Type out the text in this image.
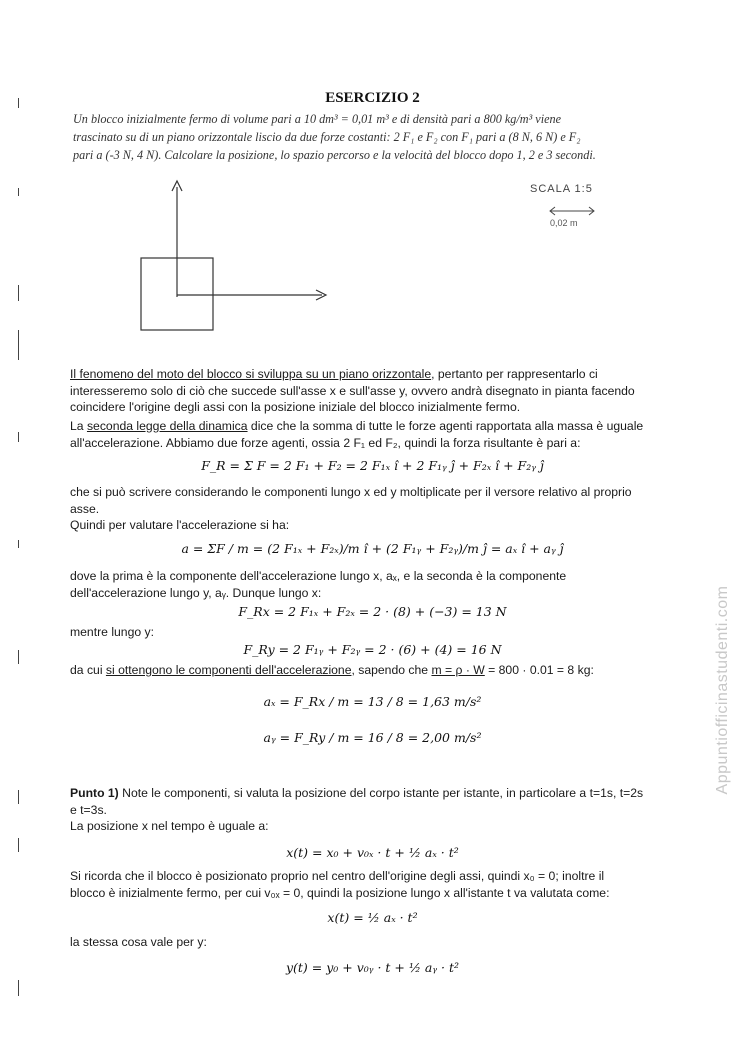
ESERCIZIO 2
Un blocco inizialmente fermo di volume pari a 10 dm³ = 0,01 m³ e di densità pari a 800 kg/m³ viene
trascinato su di un piano orizzontale liscio da due forze costanti: 2 F₁ e F₂ con F₁ pari a (8 N, 6 N) e F₂
pari a (-3 N, 4 N). Calcolare la posizione, lo spazio percorso e la velocità del blocco dopo 1, 2 e 3 secondi.
SCALA 1:5
0,02 m
Il fenomeno del moto del blocco si sviluppa su un piano orizzontale, pertanto per rappresentarlo ci
interesseremo solo di ciò che succede sull'asse x e sull'asse y, ovvero andrà disegnato in pianta facendo
coincidere l'origine degli assi con la posizione iniziale del blocco inizialmente fermo.
La seconda legge della dinamica dice che la somma di tutte le forze agenti rapportata alla massa è uguale
all'accelerazione. Abbiamo due forze agenti, ossia 2 F₁ ed F₂, quindi la forza risultante è pari a:
F_R = Σ F = 2 F₁ + F₂ = 2 F₁ₓ î + 2 F₁ᵧ ĵ + F₂ₓ î + F₂ᵧ ĵ
che si può scrivere considerando le componenti lungo x ed y moltiplicate per il versore relativo al proprio
asse.
Quindi per valutare l'accelerazione si ha:
a = ΣF / m = (2 F₁ₓ + F₂ₓ)/m î + (2 F₁ᵧ + F₂ᵧ)/m ĵ = aₓ î + aᵧ ĵ
dove la prima è la componente dell'accelerazione lungo x, aₓ, e la seconda è la componente
dell'accelerazione lungo y, aᵧ. Dunque lungo x:
F_Rx = 2 F₁ₓ + F₂ₓ = 2 · (8) + (−3) = 13 N
mentre lungo y:
F_Ry = 2 F₁ᵧ + F₂ᵧ = 2 · (6) + (4) = 16 N
da cui si ottengono le componenti dell'accelerazione, sapendo che m = ρ · W = 800 · 0.01 = 8 kg:
aₓ = F_Rx / m = 13 / 8 = 1,63 m/s²
aᵧ = F_Ry / m = 16 / 8 = 2,00 m/s²
Punto 1) Note le componenti, si valuta la posizione del corpo istante per istante, in particolare a t=1s, t=2s
e t=3s.
La posizione x nel tempo è uguale a:
x(t) = x₀ + v₀ₓ · t + ½ aₓ · t²
Si ricorda che il blocco è posizionato proprio nel centro dell'origine degli assi, quindi x₀ = 0; inoltre il
blocco è inizialmente fermo, per cui v₀ₓ = 0, quindi la posizione lungo x all'istante t va valutata come:
x(t) = ½ aₓ · t²
la stessa cosa vale per y:
y(t) = y₀ + v₀ᵧ · t + ½ aᵧ · t²
Appuntiofficinastudenti.com
